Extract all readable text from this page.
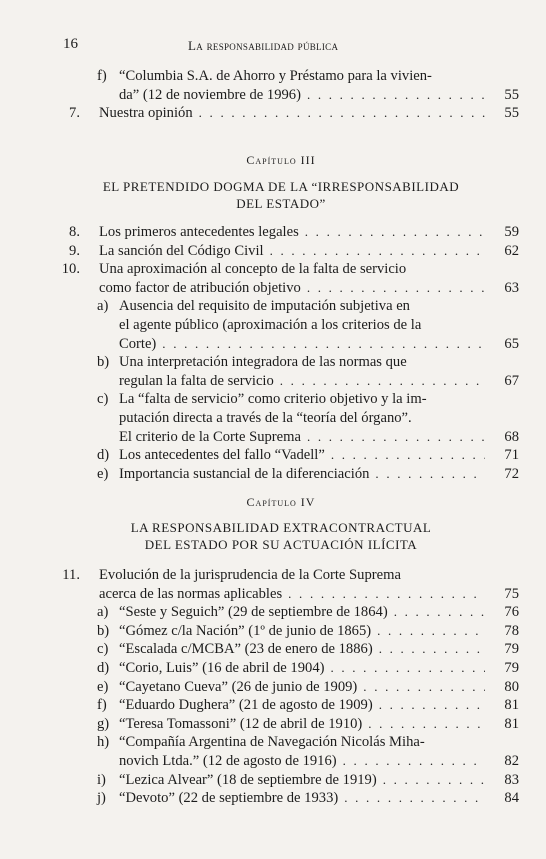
16	La responsabilidad pública
f) “Columbia S.A. de Ahorro y Préstamo para la vivien-
da” (12 de noviembre de 1996) . . .	55
7. Nuestra opinión . . .	55
8. Los primeros antecedentes legales . . .	59
9. La sanción del Código Civil . . .	62
10. Una aproximación al concepto de la falta de servicio
como factor de atribución objetivo . . .	63
a) Ausencia del requisito de imputación subjetiva en
el agente público (aproximación a los criterios de la
Corte) . . .	65
b) Una interpretación integradora de las normas que
regulan la falta de servicio . . .	67
c) La “falta de servicio” como criterio objetivo y la im-
putación directa a través de la “teoría del órgano”.
El criterio de la Corte Suprema . . .	68
d) Los antecedentes del fallo “Vadell” . . .	71
e) Importancia sustancial de la diferenciación . . .	72
11. Evolución de la jurisprudencia de la Corte Suprema
acerca de las normas aplicables . . .	75
a) “Seste y Seguich” (29 de septiembre de 1864) . . .	76
b) “Gómez c/la Nación” (1º de junio de 1865) . . .	78
c) “Escalada c/MCBA” (23 de enero de 1886) . . .	79
d) “Corio, Luis” (16 de abril de 1904) . . .	79
e) “Cayetano Cueva” (26 de junio de 1909) . . .	80
f) “Eduardo Dughera” (21 de agosto de 1909) . . .	81
g) “Teresa Tomassoni” (12 de abril de 1910) . . .	81
h) “Compañía Argentina de Navegación Nicolás Miha-
novich Ltda.” (12 de agosto de 1916) . . .	82
i) “Lezica Alvear” (18 de septiembre de 1919) . . .	83
j) “Devoto” (22 de septiembre de 1933) . . .	84
Capítulo III
EL PRETENDIDO DOGMA DE LA “IRRESPONSABILIDAD
DEL ESTADO”
Capítulo IV
LA RESPONSABILIDAD EXTRACONTRACTUAL
DEL ESTADO POR SU ACTUACIÓN ILÍCITA
